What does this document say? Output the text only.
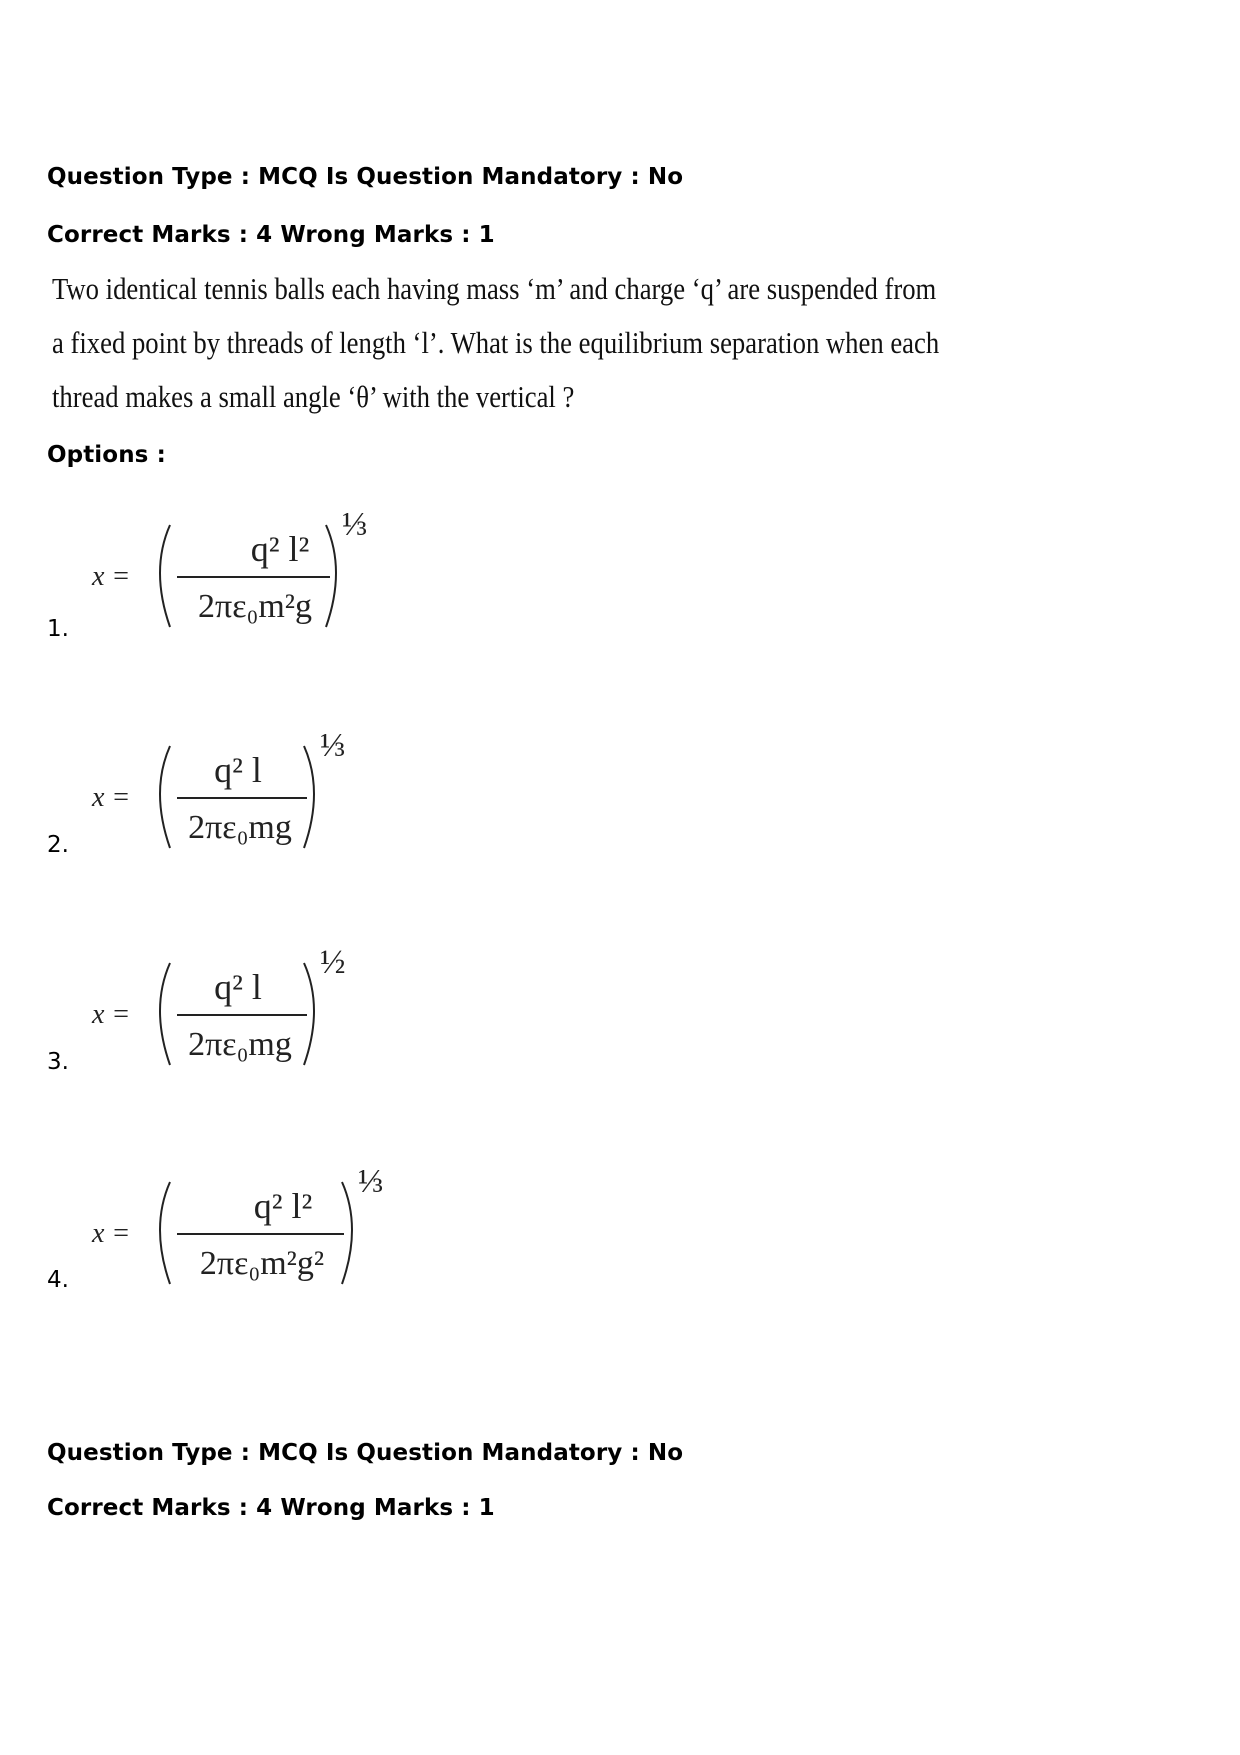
Question Type : MCQ Is Question Mandatory : No
Correct Marks : 4 Wrong Marks : 1
Two identical tennis balls each having mass ‘m’ and charge ‘q’ are suspended from a fixed point by threads of length ‘l’. What is the equilibrium separation when each thread makes a small angle ‘θ’ with the vertical ?
Options :
1.
x =
q² l²
2πε₀m²g
⅓
2.
x =
q² l
2πε₀mg
⅓
3.
x =
q² l
2πε₀mg
½
4.
x =
q² l²
2πε₀m²g²
⅓
Question Type : MCQ Is Question Mandatory : No
Correct Marks : 4 Wrong Marks : 1
